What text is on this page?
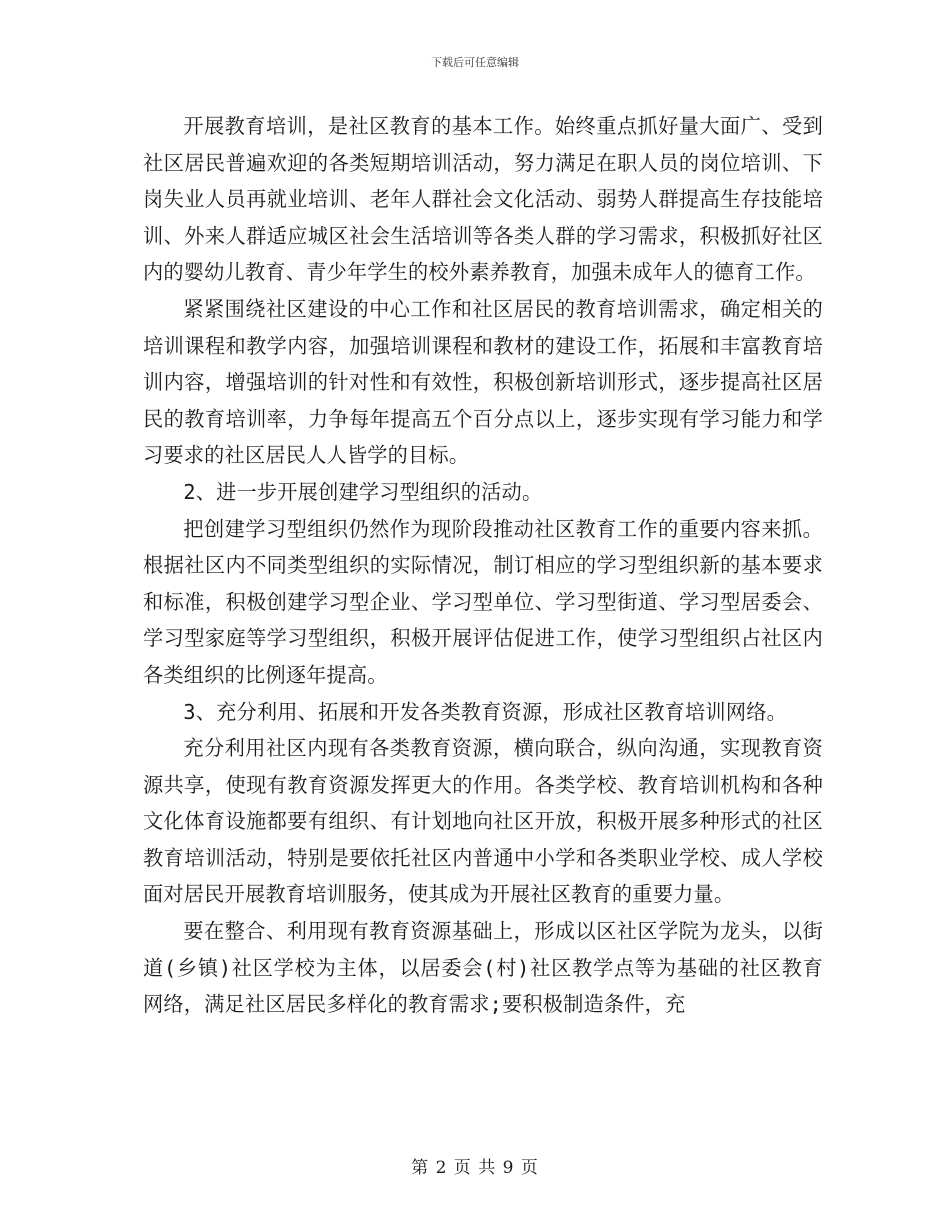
下载后可任意编辑

开展教育培训，是社区教育的基本工作。始终重点抓好量大面广、受到社区居民普遍欢迎的各类短期培训活动，努力满足在职人员的岗位培训、下岗失业人员再就业培训、老年人群社会文化活动、弱势人群提高生存技能培训、外来人群适应城区社会生活培训等各类人群的学习需求，积极抓好社区内的婴幼儿教育、青少年学生的校外素养教育，加强未成年人的德育工作。

紧紧围绕社区建设的中心工作和社区居民的教育培训需求，确定相关的培训课程和教学内容，加强培训课程和教材的建设工作，拓展和丰富教育培训内容，增强培训的针对性和有效性，积极创新培训形式，逐步提高社区居民的教育培训率，力争每年提高五个百分点以上，逐步实现有学习能力和学习要求的社区居民人人皆学的目标。

2、进一步开展创建学习型组织的活动。

把创建学习型组织仍然作为现阶段推动社区教育工作的重要内容来抓。根据社区内不同类型组织的实际情况，制订相应的学习型组织新的基本要求和标准，积极创建学习型企业、学习型单位、学习型街道、学习型居委会、学习型家庭等学习型组织，积极开展评估促进工作，使学习型组织占社区内各类组织的比例逐年提高。

3、充分利用、拓展和开发各类教育资源，形成社区教育培训网络。

充分利用社区内现有各类教育资源，横向联合，纵向沟通，实现教育资源共享，使现有教育资源发挥更大的作用。各类学校、教育培训机构和各种文化体育设施都要有组织、有计划地向社区开放，积极开展多种形式的社区教育培训活动，特别是要依托社区内普通中小学和各类职业学校、成人学校面对居民开展教育培训服务，使其成为开展社区教育的重要力量。

要在整合、利用现有教育资源基础上，形成以区社区学院为龙头，以街道(乡镇)社区学校为主体，以居委会(村)社区教学点等为基础的社区教育网络，满足社区居民多样化的教育需求;要积极制造条件，充

第 2 页 共 9 页
